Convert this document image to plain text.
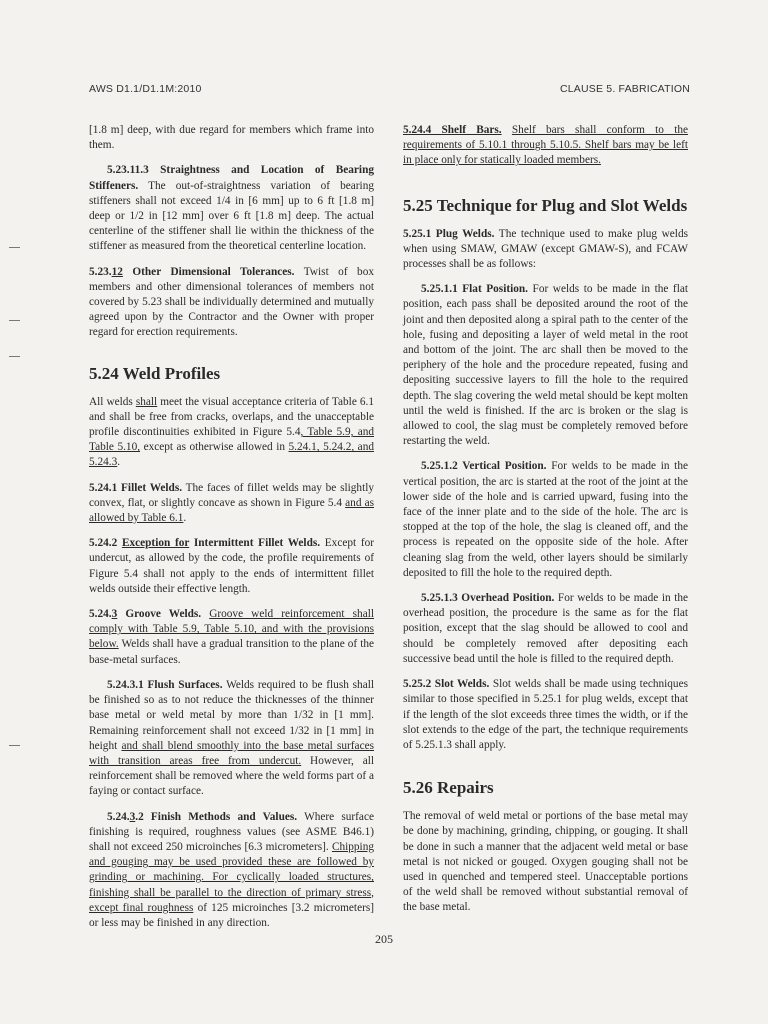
AWS D1.1/D1.1M:2010	CLAUSE 5. FABRICATION

[1.8 m] deep, with due regard for members which frame into them.

5.23.11.3 Straightness and Location of Bearing Stiffeners. The out-of-straightness variation of bearing stiffeners shall not exceed 1/4 in [6 mm] up to 6 ft [1.8 m] deep or 1/2 in [12 mm] over 6 ft [1.8 m] deep. The actual centerline of the stiffener shall lie within the thickness of the stiffener as measured from the theoretical centerline location.

5.23.12 Other Dimensional Tolerances. Twist of box members and other dimensional tolerances of members not covered by 5.23 shall be individually determined and mutually agreed upon by the Contractor and the Owner with proper regard for erection requirements.

5.24 Weld Profiles

All welds shall meet the visual acceptance criteria of Table 6.1 and shall be free from cracks, overlaps, and the unacceptable profile discontinuities exhibited in Figure 5.4, Table 5.9, and Table 5.10, except as otherwise allowed in 5.24.1, 5.24.2, and 5.24.3.

5.24.1 Fillet Welds. The faces of fillet welds may be slightly convex, flat, or slightly concave as shown in Figure 5.4 and as allowed by Table 6.1.

5.24.2 Exception for Intermittent Fillet Welds. Except for undercut, as allowed by the code, the profile requirements of Figure 5.4 shall not apply to the ends of intermittent fillet welds outside their effective length.

5.24.3 Groove Welds. Groove weld reinforcement shall comply with Table 5.9, Table 5.10, and with the provisions below. Welds shall have a gradual transition to the plane of the base-metal surfaces.

5.24.3.1 Flush Surfaces. Welds required to be flush shall be finished so as to not reduce the thicknesses of the thinner base metal or weld metal by more than 1/32 in [1 mm]. Remaining reinforcement shall not exceed 1/32 in [1 mm] in height and shall blend smoothly into the base metal surfaces with transition areas free from undercut. However, all reinforcement shall be removed where the weld forms part of a faying or contact surface.

5.24.3.2 Finish Methods and Values. Where surface finishing is required, roughness values (see ASME B46.1) shall not exceed 250 microinches [6.3 micrometers]. Chipping and gouging may be used provided these are followed by grinding or machining. For cyclically loaded structures, finishing shall be parallel to the direction of primary stress, except final roughness of 125 microinches [3.2 micrometers] or less may be finished in any direction.

5.24.4 Shelf Bars. Shelf bars shall conform to the requirements of 5.10.1 through 5.10.5. Shelf bars may be left in place only for statically loaded members.

5.25 Technique for Plug and Slot Welds

5.25.1 Plug Welds. The technique used to make plug welds when using SMAW, GMAW (except GMAW-S), and FCAW processes shall be as follows:

5.25.1.1 Flat Position. For welds to be made in the flat position, each pass shall be deposited around the root of the joint and then deposited along a spiral path to the center of the hole, fusing and depositing a layer of weld metal in the root and bottom of the joint. The arc shall then be moved to the periphery of the hole and the procedure repeated, fusing and depositing successive layers to fill the hole to the required depth. The slag covering the weld metal should be kept molten until the weld is finished. If the arc is broken or the slag is allowed to cool, the slag must be completely removed before restarting the weld.

5.25.1.2 Vertical Position. For welds to be made in the vertical position, the arc is started at the root of the joint at the lower side of the hole and is carried upward, fusing into the face of the inner plate and to the side of the hole. The arc is stopped at the top of the hole, the slag is cleaned off, and the process is repeated on the opposite side of the hole. After cleaning slag from the weld, other layers should be similarly deposited to fill the hole to the required depth.

5.25.1.3 Overhead Position. For welds to be made in the overhead position, the procedure is the same as for the flat position, except that the slag should be allowed to cool and should be completely removed after depositing each successive bead until the hole is filled to the required depth.

5.25.2 Slot Welds. Slot welds shall be made using techniques similar to those specified in 5.25.1 for plug welds, except that if the length of the slot exceeds three times the width, or if the slot extends to the edge of the part, the technique requirements of 5.25.1.3 shall apply.

5.26 Repairs

The removal of weld metal or portions of the base metal may be done by machining, grinding, chipping, or gouging. It shall be done in such a manner that the adjacent weld metal or base metal is not nicked or gouged. Oxygen gouging shall not be used in quenched and tempered steel. Unacceptable portions of the weld shall be removed without substantial removal of the base metal.

205
